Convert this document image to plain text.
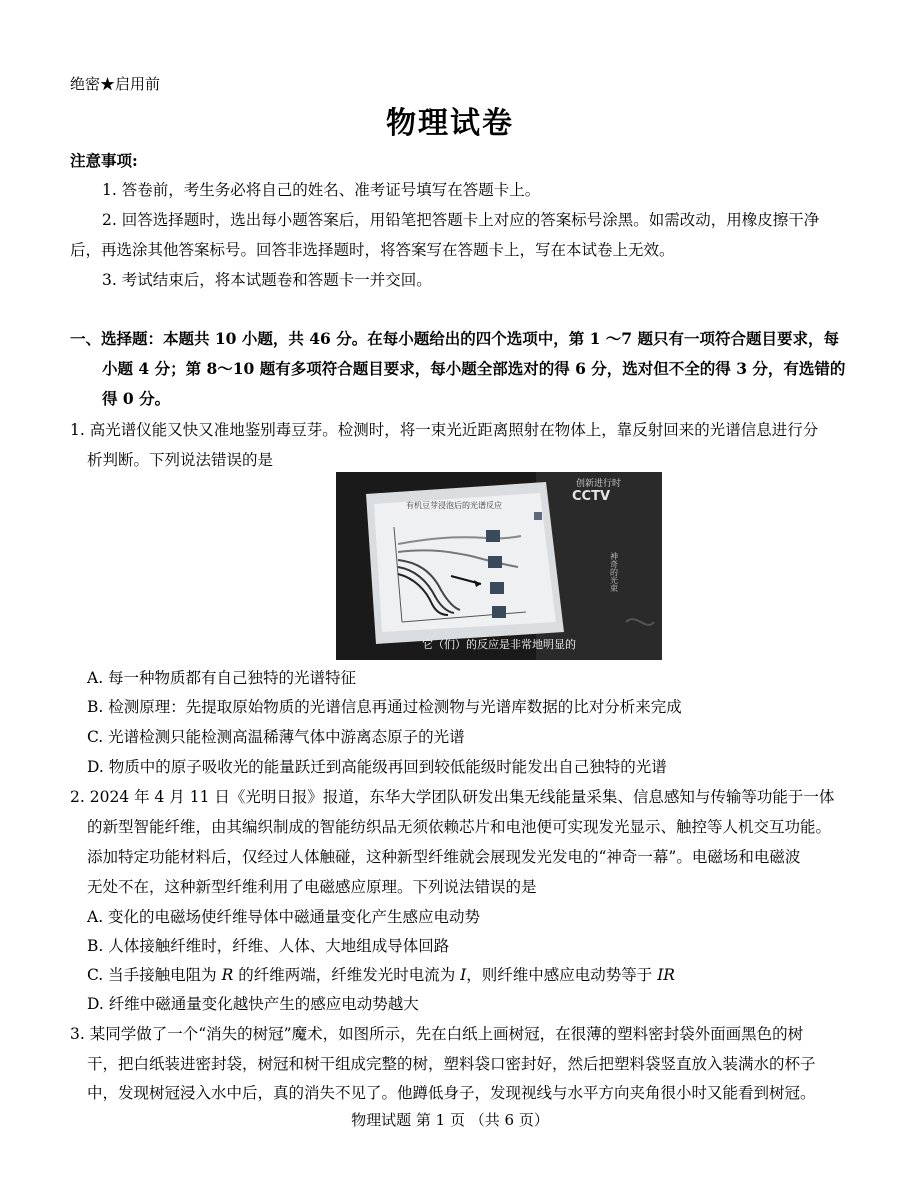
绝密★启用前
物理试卷
注意事项:
1. 答卷前，考生务必将自己的姓名、准考证号填写在答题卡上。
2. 回答选择题时，选出每小题答案后，用铅笔把答题卡上对应的答案标号涂黑。如需改动，用橡皮擦干净
后，再选涂其他答案标号。回答非选择题时，将答案写在答题卡上，写在本试卷上无效。
3. 考试结束后，将本试题卷和答题卡一并交回。
一、选择题：本题共 10 小题，共 46 分。在每小题给出的四个选项中，第 1 ～7 题只有一项符合题目要求，每
小题 4 分；第 8～10 题有多项符合题目要求，每小题全部选对的得 6 分，选对但不全的得 3 分，有选错的
得 0 分。
1. 高光谱仪能又快又准地鉴别毒豆芽。检测时，将一束光近距离照射在物体上，靠反射回来的光谱信息进行分
析判断。下列说法错误的是
有机豆芽浸泡后的光谱反应
创新进行时
CCTV
神奇的光束
它（们）的反应是非常地明显的
A. 每一种物质都有自己独特的光谱特征
B. 检测原理：先提取原始物质的光谱信息再通过检测物与光谱库数据的比对分析来完成
C. 光谱检测只能检测高温稀薄气体中游离态原子的光谱
D. 物质中的原子吸收光的能量跃迁到高能级再回到较低能级时能发出自己独特的光谱
2. 2024 年 4 月 11 日《光明日报》报道，东华大学团队研发出集无线能量采集、信息感知与传输等功能于一体
的新型智能纤维，由其编织制成的智能纺织品无须依赖芯片和电池便可实现发光显示、触控等人机交互功能。
添加特定功能材料后，仅经过人体触碰，这种新型纤维就会展现发光发电的“神奇一幕”。电磁场和电磁波
无处不在，这种新型纤维利用了电磁感应原理。下列说法错误的是
A. 变化的电磁场使纤维导体中磁通量变化产生感应电动势
B. 人体接触纤维时，纤维、人体、大地组成导体回路
C. 当手接触电阻为 R 的纤维两端，纤维发光时电流为 I，则纤维中感应电动势等于 IR
D. 纤维中磁通量变化越快产生的感应电动势越大
3. 某同学做了一个“消失的树冠”魔术，如图所示，先在白纸上画树冠，在很薄的塑料密封袋外面画黑色的树
干，把白纸装进密封袋，树冠和树干组成完整的树，塑料袋口密封好，然后把塑料袋竖直放入装满水的杯子
中，发现树冠浸入水中后，真的消失不见了。他蹲低身子，发现视线与水平方向夹角很小时又能看到树冠。
物理试题 第 1 页 （共 6 页）
